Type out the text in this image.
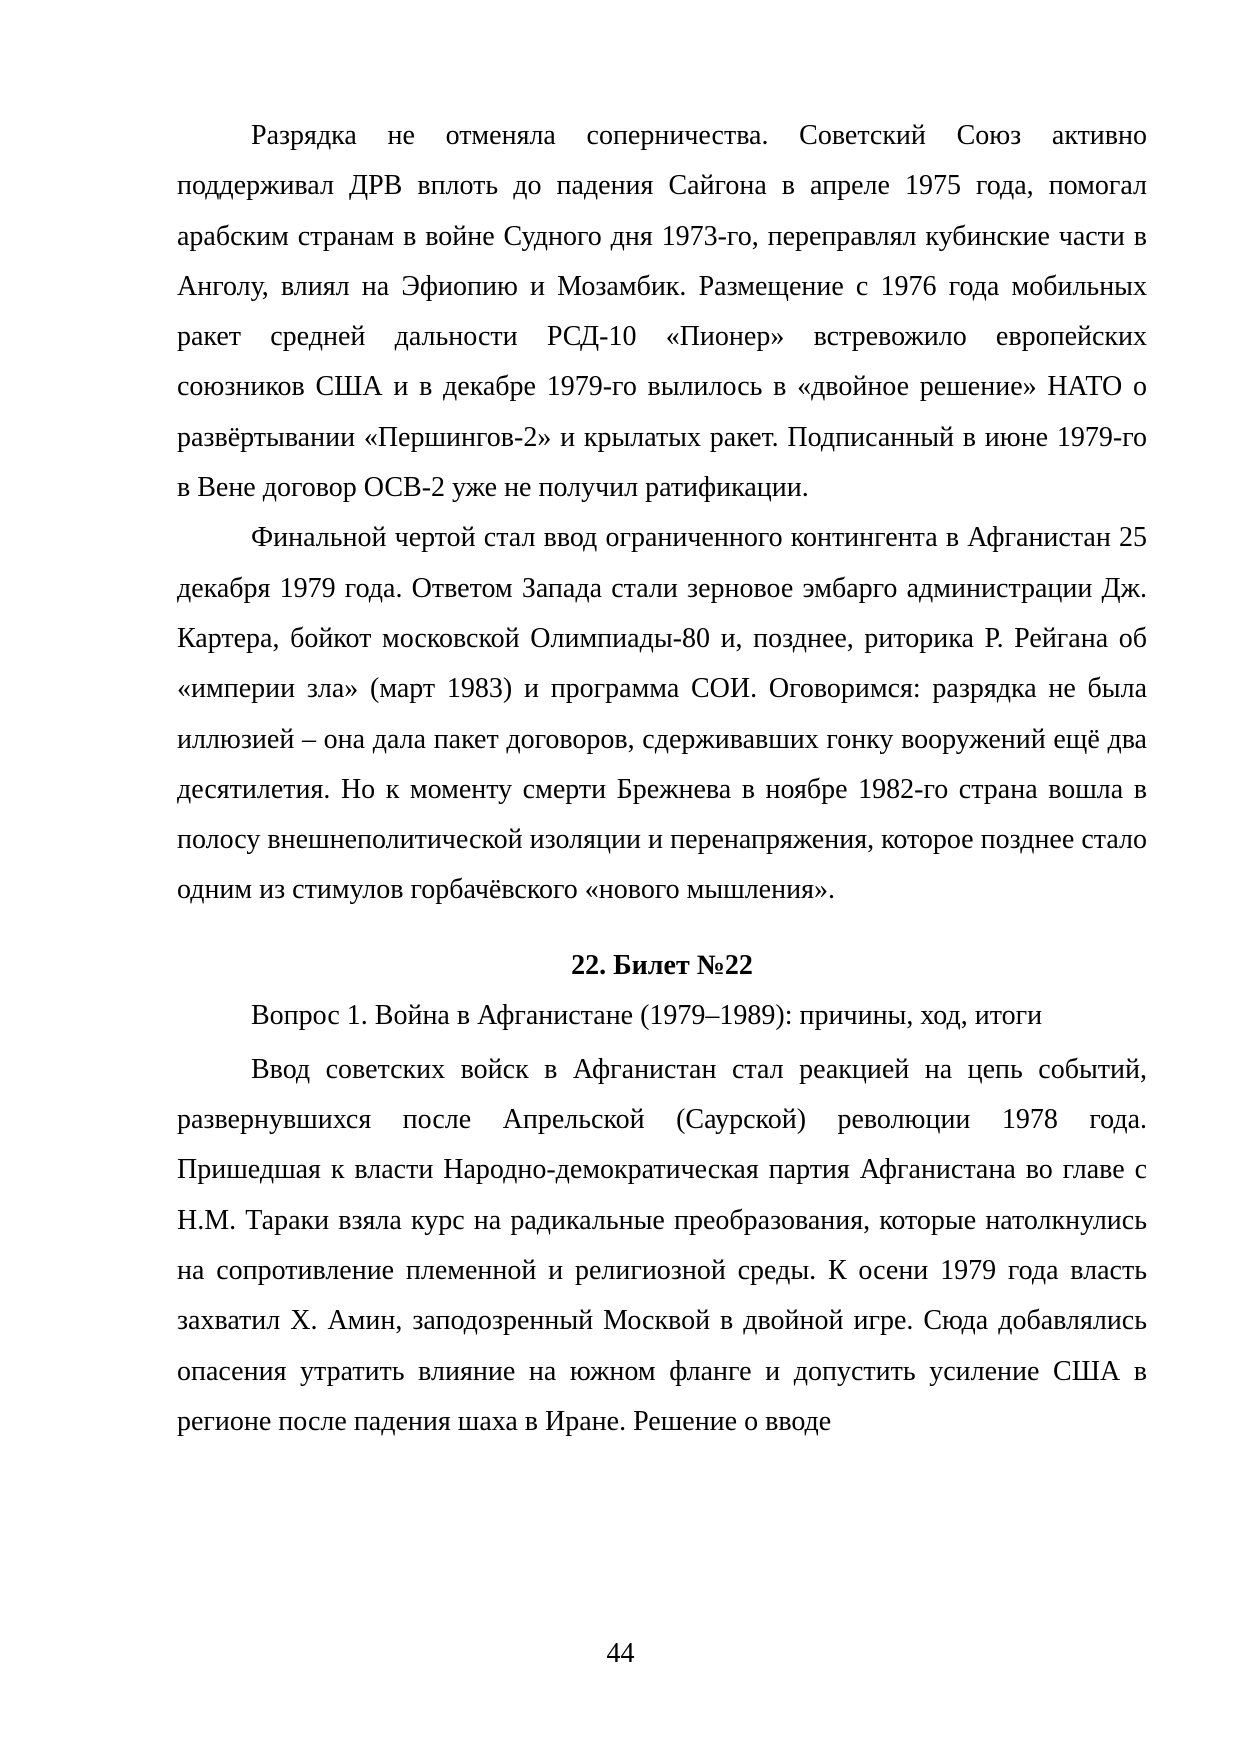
Разрядка не отменяла соперничества. Советский Союз активно поддерживал ДРВ вплоть до падения Сайгона в апреле 1975 года, помогал арабским странам в войне Судного дня 1973-го, переправлял кубинские части в Анголу, влиял на Эфиопию и Мозамбик. Размещение с 1976 года мобильных ракет средней дальности РСД-10 «Пионер» встревожило европейских союзников США и в декабре 1979-го вылилось в «двойное решение» НАТО о развёртывании «Першингов-2» и крылатых ракет. Подписанный в июне 1979-го в Вене договор ОСВ-2 уже не получил ратификации.

Финальной чертой стал ввод ограниченного контингента в Афганистан 25 декабря 1979 года. Ответом Запада стали зерновое эмбарго администрации Дж. Картера, бойкот московской Олимпиады-80 и, позднее, риторика Р. Рейгана об «империи зла» (март 1983) и программа СОИ. Оговоримся: разрядка не была иллюзией – она дала пакет договоров, сдерживавших гонку вооружений ещё два десятилетия. Но к моменту смерти Брежнева в ноябре 1982-го страна вошла в полосу внешнеполитической изоляции и перенапряжения, которое позднее стало одним из стимулов горбачёвского «нового мышления».

22. Билет №22

Вопрос 1. Война в Афганистане (1979–1989): причины, ход, итоги

Ввод советских войск в Афганистан стал реакцией на цепь событий, развернувшихся после Апрельской (Саурской) революции 1978 года. Пришедшая к власти Народно-демократическая партия Афганистана во главе с Н.М. Тараки взяла курс на радикальные преобразования, которые натолкнулись на сопротивление племенной и религиозной среды. К осени 1979 года власть захватил Х. Амин, заподозренный Москвой в двойной игре. Сюда добавлялись опасения утратить влияние на южном фланге и допустить усиление США в регионе после падения шаха в Иране. Решение о вводе

44
